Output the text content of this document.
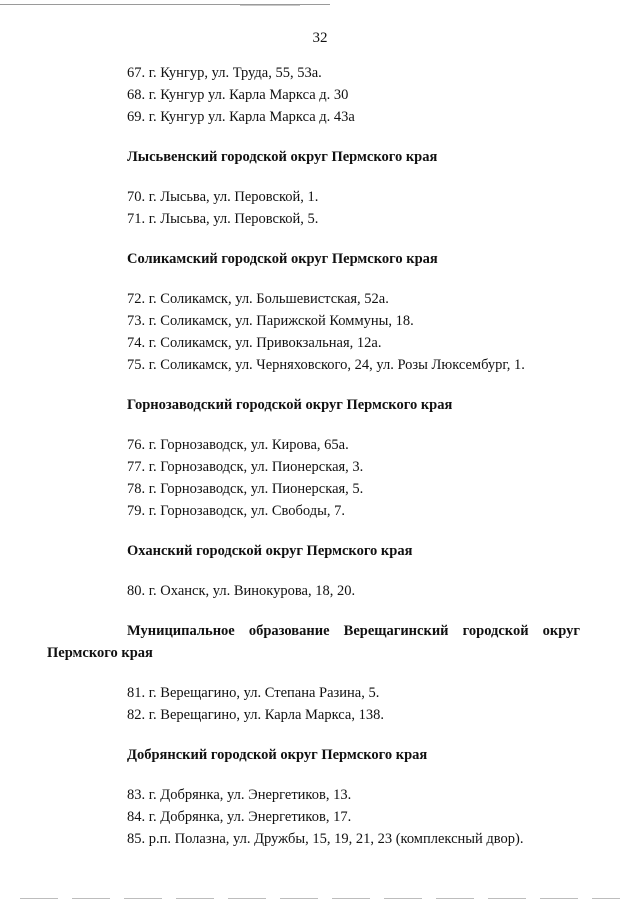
32
67. г. Кунгур, ул. Труда, 55, 53а.
68. г. Кунгур ул. Карла Маркса д. 30
69. г. Кунгур ул. Карла Маркса д. 43а
Лысьвенский городской округ Пермского края
70. г. Лысьва, ул. Перовской, 1.
71. г. Лысьва, ул. Перовской, 5.
Соликамский городской округ Пермского края
72. г. Соликамск, ул. Большевистская, 52а.
73. г. Соликамск, ул. Парижской Коммуны, 18.
74. г. Соликамск, ул. Привокзальная, 12а.
75. г. Соликамск, ул. Черняховского, 24, ул. Розы Люксембург, 1.
Горнозаводский городской округ Пермского края
76. г. Горнозаводск, ул. Кирова, 65а.
77. г. Горнозаводск, ул. Пионерская, 3.
78. г. Горнозаводск, ул. Пионерская, 5.
79. г. Горнозаводск, ул. Свободы, 7.
Оханский городской округ Пермского края
80. г. Оханск, ул. Винокурова, 18, 20.
Муниципальное образование Верещагинский городской округ
Пермского края
81. г. Верещагино, ул. Степана Разина, 5.
82. г. Верещагино, ул. Карла Маркса, 138.
Добрянский городской округ Пермского края
83. г. Добрянка, ул. Энергетиков, 13.
84. г. Добрянка, ул. Энергетиков, 17.
85. р.п. Полазна, ул. Дружбы, 15, 19, 21, 23 (комплексный двор).
